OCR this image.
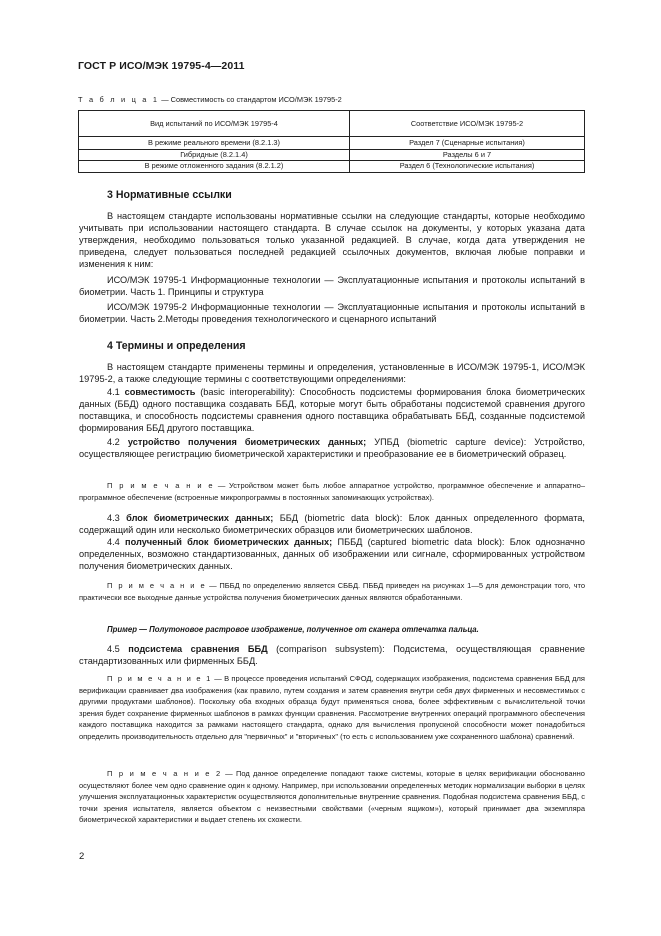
ГОСТ Р ИСО/МЭК 19795-4—2011
Т а б л и ц а 1 — Совместимость со стандартом ИСО/МЭК 19795-2
Вид испытаний по ИСО/МЭК 19795-4	Соответствие ИСО/МЭК 19795-2
В режиме реального времени (8.2.1.3)	Раздел 7 (Сценарные испытания)
Гибридные (8.2.1.4)	Разделы 6 и 7
В режиме отложенного задания (8.2.1.2)	Раздел 6 (Технологические испытания)
3 Нормативные ссылки

В настоящем стандарте использованы нормативные ссылки на следующие стандарты, которые необходимо учитывать при использовании настоящего стандарта. В случае ссылок на документы, у которых указана дата утверждения, необходимо пользоваться только указанной редакцией. В случае, когда дата утверждения не приведена, следует пользоваться последней редакцией ссылочных документов, включая любые поправки и изменения к ним:

ИСО/МЭК 19795-1 Информационные технологии — Эксплуатационные испытания и протоколы испытаний в биометрии. Часть 1. Принципы и структура

ИСО/МЭК 19795-2 Информационные технологии — Эксплуатационные испытания и протоколы испытаний в биометрии. Часть 2.Методы проведения технологического и сценарного испытаний

4 Термины и определения

В настоящем стандарте применены термины и определения, установленные в ИСО/МЭК 19795-1, ИСО/МЭК 19795-2, а также следующие термины с соответствующими определениями:

4.1 совместимость (basic interoperability): Способность подсистемы формирования блока биометрических данных (ББД) одного поставщика создавать ББД, которые могут быть обработаны подсистемой сравнения другого поставщика, и способность подсистемы сравнения одного поставщика обрабатывать ББД, созданные подсистемой формирования ББД другого поставщика.

4.2 устройство получения биометрических данных; УПБД (biometric capture device): Устройство, осуществляющее регистрацию биометрической характеристики и преобразование ее в биометрический образец.

П р и м е ч а н и е — Устройством может быть любое аппаратное устройство, программное обеспечение и аппаратно–программное обеспечение (встроенные микропрограммы в постоянных запоминающих устройствах).

4.3 блок биометрических данных; ББД (biometric data block): Блок данных определенного формата, содержащий один или несколько биометрических образцов или биометрических шаблонов.

4.4 полученный блок биометрических данных; ПББД (captured biometric data block): Блок однозначно определенных, возможно стандартизованных, данных об изображении или сигнале, сформированных устройством получения биометрических данных.

П р и м е ч а н и е — ПББД по определению является СББД. ПББД приведен на рисунках 1—5 для демонстрации того, что практически все выходные данные устройства получения биометрических данных являются обработанными.

Пример — Полутоновое растровое изображение, полученное от сканера отпечатка пальца.

4.5 подсистема сравнения ББД (comparison subsystem): Подсистема, осуществляющая сравнение стандартизованных или фирменных ББД.

П р и м е ч а н и е 1 — В процессе проведения испытаний СФОД, содержащих изображения, подсистема сравнения ББД для верификации сравнивает два изображения (как правило, путем создания и затем сравнения внутри себя двух фирменных и несовместимых с другими продуктами шаблонов). Поскольку оба входных образца будут применяться снова, более эффективным с вычислительной точки зрения будет сохранение фирменных шаблонов в рамках функции сравнения. Рассмотрение внутренних операций программного обеспечения каждого поставщика находится за рамками настоящего стандарта, однако для вычисления пропускной способности может понадобиться определить производительность отдельно для "первичных" и "вторичных" (то есть с использованием уже сохраненного шаблона) сравнений.

П р и м е ч а н и е 2 — Под данное определение попадают также системы, которые в целях верификации обоснованно осуществляют более чем одно сравнение один к одному. Например, при использовании определенных методик нормализации выборки в целях улучшения эксплуатационных характеристик осуществляются дополнительные внутренние сравнения. Подобная подсистема сравнения ББД, с точки зрения испытателя, является объектом с неизвестными свойствами («черным ящиком»), который принимает два экземпляра биометрической характеристики и выдает степень их схожести.

2
